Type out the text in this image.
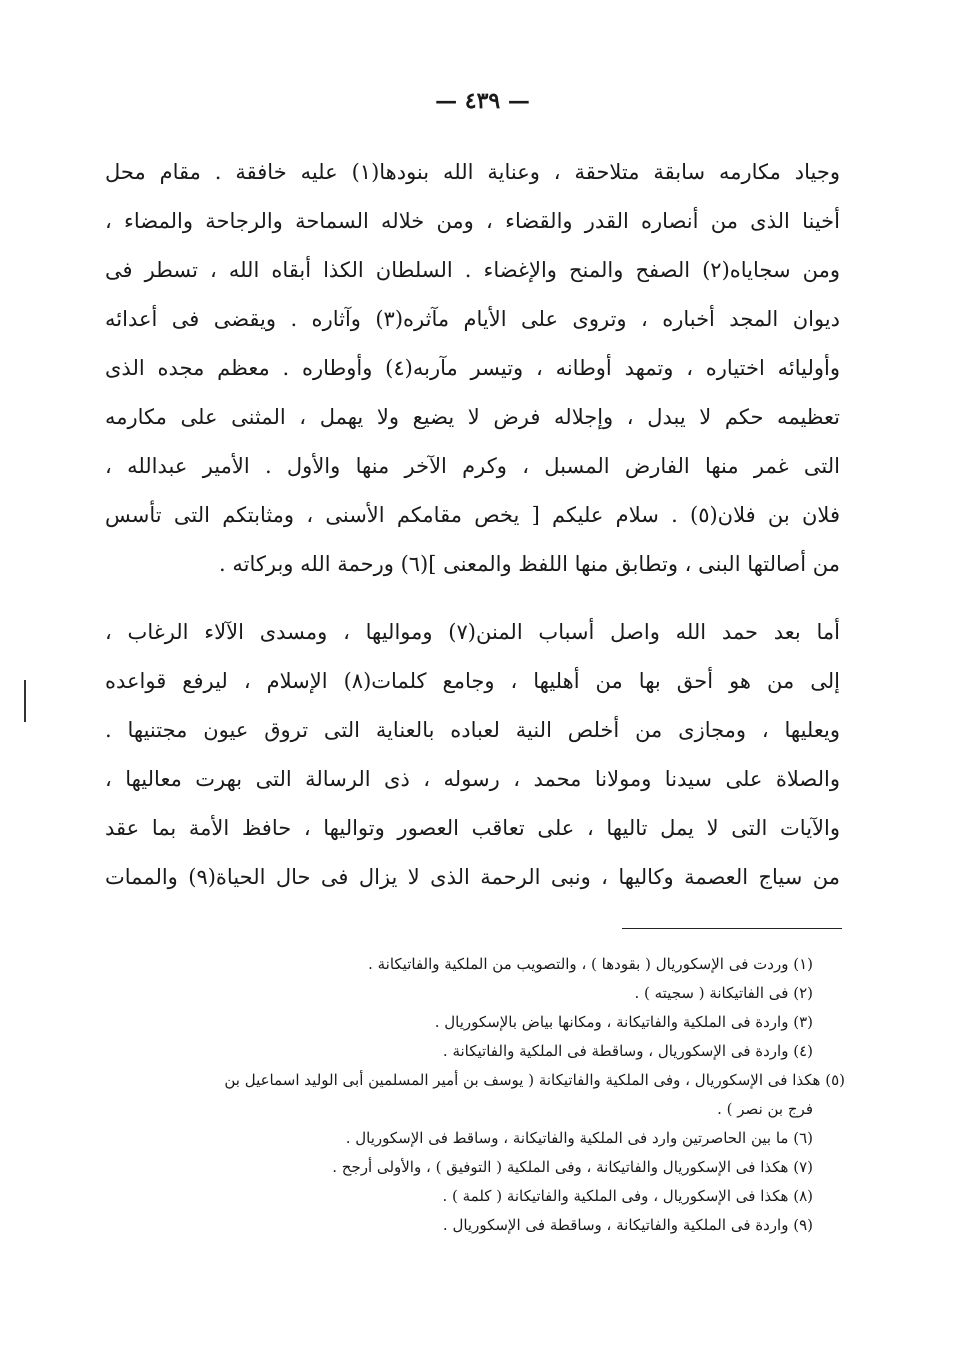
— ٤٣٩ —
وجياد مكارمه سابقة متلاحقة ، وعناية الله بنودها(١) عليه خافقة . مقام محل
أخينا الذى من أنصاره القدر والقضاء ، ومن خلاله السماحة والرجاحة والمضاء ،
ومن سجاياه(٢) الصفح والمنح والإغضاء . السلطان الكذا أبقاه الله ، تسطر فى
ديوان المجد أخباره ، وتروى على الأيام مآثره(٣) وآثاره . ويقضى فى أعدائه
وأوليائه اختياره ، وتمهد أوطانه ، وتيسر مآربه(٤) وأوطاره . معظم مجده الذى
تعظيمه حكم لا يبدل ، وإجلاله فرض لا يضيع ولا يهمل ، المثنى على مكارمه
التى غمر منها الفارض المسبل ، وكرم الآخر منها والأول . الأمير عبدالله ،
فلان بن فلان(٥) . سلام عليكم [ يخص مقامكم الأسنى ، ومثابتكم التى تأسس
من أصالتها البنى ، وتطابق منها اللفظ والمعنى ](٦) ورحمة الله وبركاته .
أما بعد حمد الله واصل أسباب المنن(٧) ومواليها ، ومسدى الآلاء الرغاب ،
إلى من هو أحق بها من أهليها ، وجامع كلمات(٨) الإسلام ، ليرفع قواعده
ويعليها ، ومجازى من أخلص النية لعباده بالعناية التى تروق عيون مجتنيها .
والصلاة على سيدنا ومولانا محمد ، رسوله ، ذى الرسالة التى بهرت معاليها ،
والآيات التى لا يمل تاليها ، على تعاقب العصور وتواليها ، حافظ الأمة بما عقد
من سياج العصمة وكاليها ، ونبى الرحمة الذى لا يزال فى حال الحياة(٩) والممات
(١) وردت فى الإسكوريال ( بقودها ) ، والتصويب من الملكية والفاتيكانة .
(٢) فى الفاتيكانة ( سجيته ) .
(٣) واردة فى الملكية والفاتيكانة ، ومكانها بياض بالإسكوريال .
(٤) واردة فى الإسكوريال ، وساقطة فى الملكية والفاتيكانة .
(٥) هكذا فى الإسكوريال ، وفى الملكية والفاتيكانة ( يوسف بن أمير المسلمين أبى الوليد اسماعيل بن
فرج بن نصر ) .
(٦) ما بين الحاصرتين وارد فى الملكية والفاتيكانة ، وساقط فى الإسكوريال .
(٧) هكذا فى الإسكوريال والفاتيكانة ، وفى الملكية ( التوفيق ) ، والأولى أرجح .
(٨) هكذا فى الإسكوريال ، وفى الملكية والفاتيكانة ( كلمة ) .
(٩) واردة فى الملكية والفاتيكانة ، وساقطة فى الإسكوريال .
